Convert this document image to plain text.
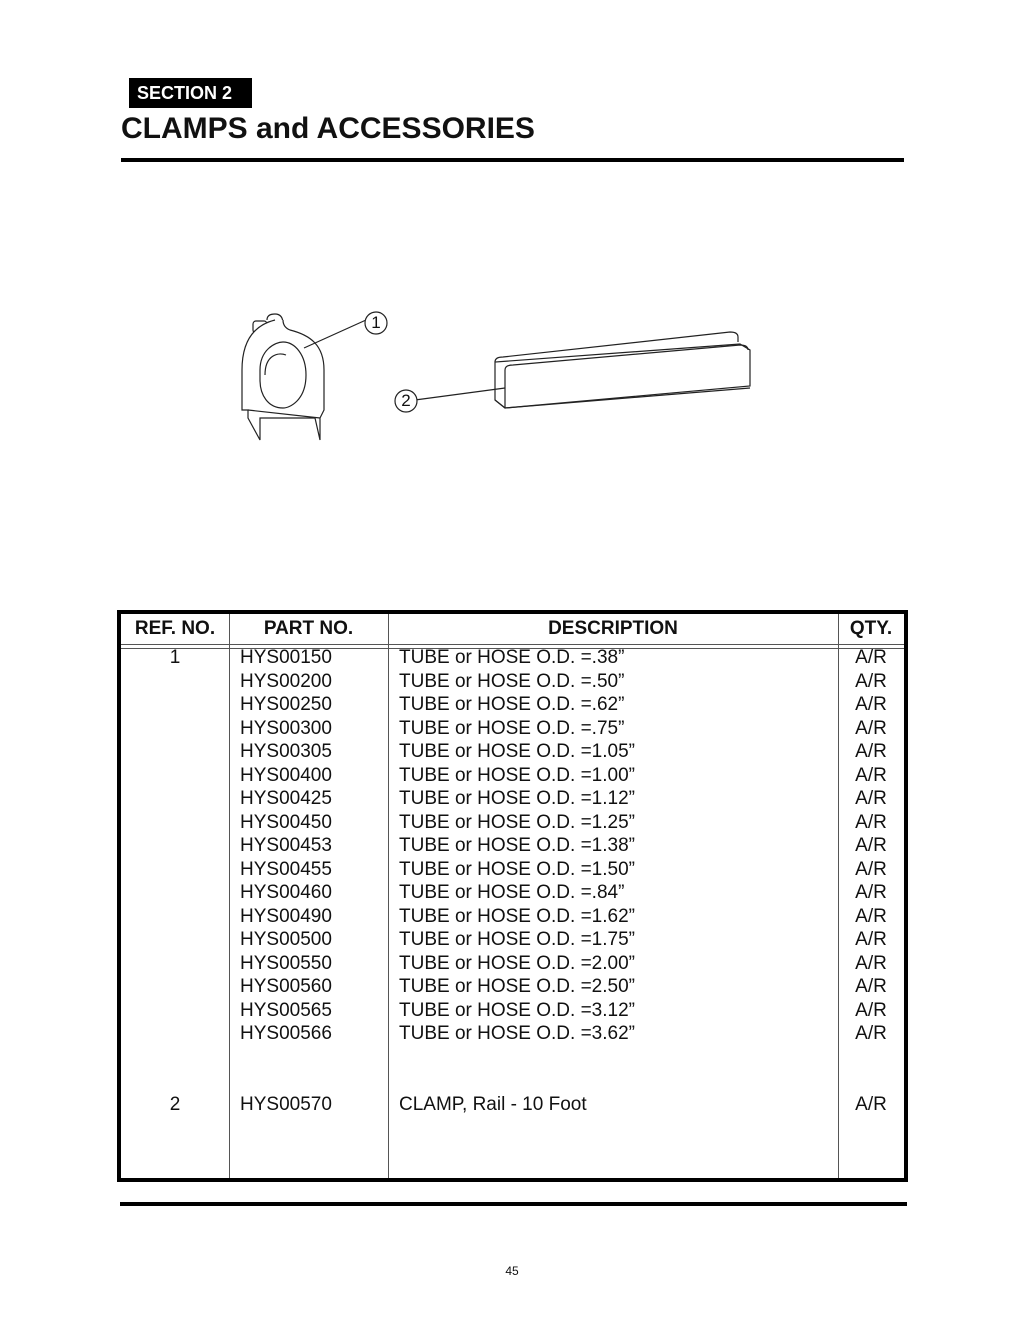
SECTION 2
CLAMPS and ACCESSORIES
1
2
REF. NO.	PART NO.	DESCRIPTION	QTY.
1	HYS00150	TUBE or HOSE O.D. =.38”	A/R
HYS00200	TUBE or HOSE O.D. =.50”	A/R
HYS00250	TUBE or HOSE O.D. =.62”	A/R
HYS00300	TUBE or HOSE O.D. =.75”	A/R
HYS00305	TUBE or HOSE O.D. =1.05”	A/R
HYS00400	TUBE or HOSE O.D. =1.00”	A/R
HYS00425	TUBE or HOSE O.D. =1.12”	A/R
HYS00450	TUBE or HOSE O.D. =1.25”	A/R
HYS00453	TUBE or HOSE O.D. =1.38”	A/R
HYS00455	TUBE or HOSE O.D. =1.50”	A/R
HYS00460	TUBE or HOSE O.D. =.84”	A/R
HYS00490	TUBE or HOSE O.D. =1.62”	A/R
HYS00500	TUBE or HOSE O.D. =1.75”	A/R
HYS00550	TUBE or HOSE O.D. =2.00”	A/R
HYS00560	TUBE or HOSE O.D. =2.50”	A/R
HYS00565	TUBE or HOSE O.D. =3.12”	A/R
HYS00566	TUBE or HOSE O.D. =3.62”	A/R
2	HYS00570	CLAMP, Rail - 10 Foot	A/R
45
